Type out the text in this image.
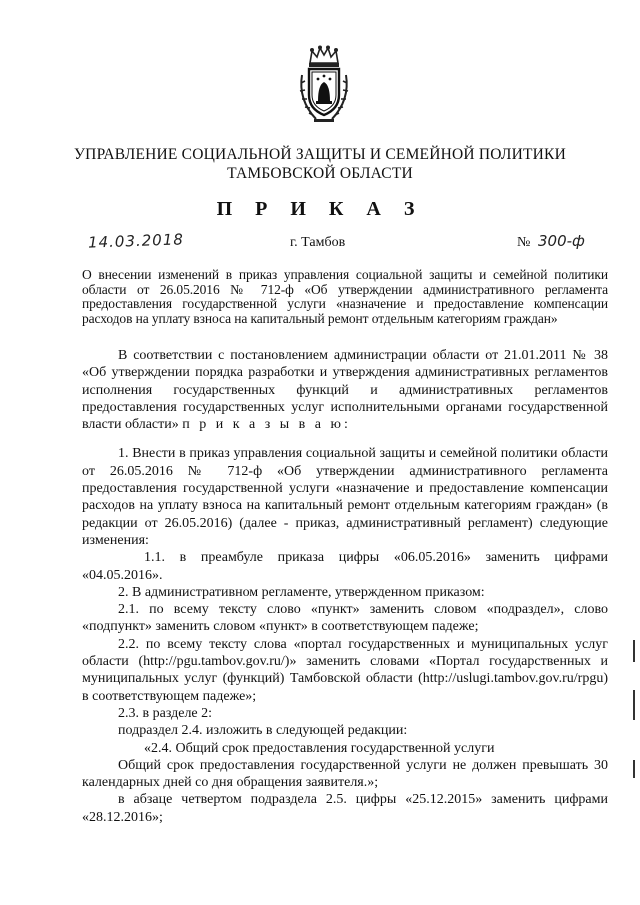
УПРАВЛЕНИЕ СОЦИАЛЬНОЙ ЗАЩИТЫ И СЕМЕЙНОЙ ПОЛИТИКИ
ТАМБОВСКОЙ ОБЛАСТИ
П Р И К А З
14.03.2018	г. Тамбов	№ 300-ф
О внесении изменений в приказ управления социальной защиты и семейной политики области от 26.05.2016 № 712-ф «Об утверждении административного регламента предоставления государственной услуги «назначение и предоставление компенсации расходов на уплату взноса на капитальный ремонт отдельным категориям граждан»

В соответствии с постановлением администрации области от 21.01.2011 № 38 «Об утверждении порядка разработки и утверждения административных регламентов исполнения государственных функций и административных регламентов предоставления государственных услуг исполнительными органами государственной власти области» п р и к а з ы в а ю:

1. Внести в приказ управления социальной защиты и семейной политики области от 26.05.2016 № 712-ф «Об утверждении административного регламента предоставления государственной услуги «назначение и предоставление компенсации расходов на уплату взноса на капитальный ремонт отдельным категориям граждан» (в редакции от 26.05.2016) (далее - приказ, административный регламент) следующие изменения:

1.1. в преамбуле приказа цифры «06.05.2016» заменить цифрами «04.05.2016».

2. В административном регламенте, утвержденном приказом:

2.1. по всему тексту слово «пункт» заменить словом «подраздел», слово «подпункт» заменить словом «пункт» в соответствующем падеже;

2.2. по всему тексту слова «портал государственных и муниципальных услуг области (http://pgu.tambov.gov.ru/)» заменить словами «Портал государственных и муниципальных услуг (функций) Тамбовской области (http://uslugi.tambov.gov.ru/rpgu) в соответствующем падеже»;

2.3. в разделе 2:

подраздел 2.4. изложить в следующей редакции:

«2.4. Общий срок предоставления государственной услуги

Общий срок предоставления государственной услуги не должен превышать 30 календарных дней со дня обращения заявителя.»;

в абзаце четвертом подраздела 2.5. цифры «25.12.2015» заменить цифрами «28.12.2016»;
